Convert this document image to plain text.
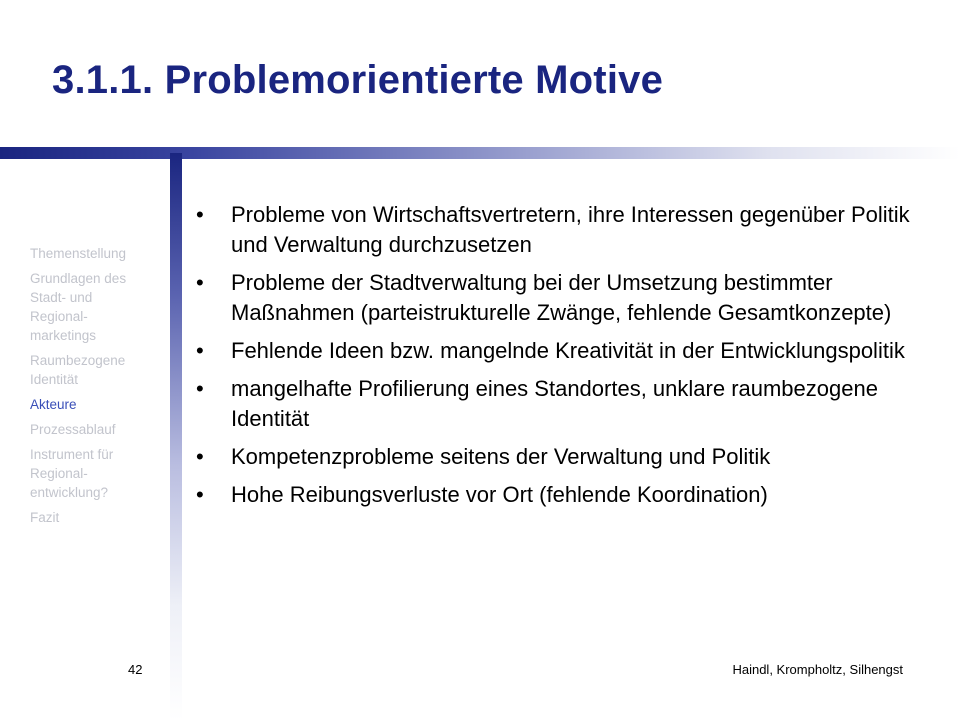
3.1.1. Problemorientierte Motive
Themenstellung
Grundlagen des
Stadt- und
Regional-
marketings
Raumbezogene
Identität
Akteure
Prozessablauf
Instrument für
Regional-
entwicklung?
Fazit
• Probleme von Wirtschaftsvertretern, ihre Interessen gegenüber Politik und Verwaltung durchzusetzen
• Probleme der Stadtverwaltung bei der Umsetzung bestimmter Maßnahmen (parteistrukturelle Zwänge, fehlende Gesamtkonzepte)
• Fehlende Ideen bzw. mangelnde Kreativität in der Entwicklungspolitik
• mangelhafte Profilierung eines Standortes, unklare raumbezogene Identität
• Kompetenzprobleme seitens der Verwaltung und Politik
• Hohe Reibungsverluste vor Ort (fehlende Koordination)
42	Haindl, Krompholtz, Silhengst
